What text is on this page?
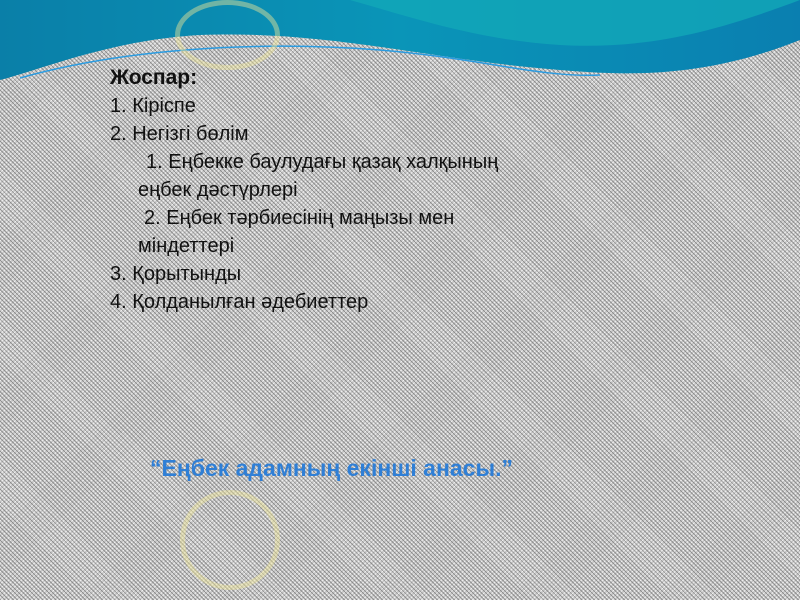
Жоспар:
1. Кіріспе
2. Негізгі бөлім
1. Еңбекке баулудағы қазақ халқының
еңбек дәстүрлері
2. Еңбек тәрбиесінің маңызы мен
міндеттері
3. Қорытынды
4. Қолданылған әдебиеттер
“Еңбек адамның екінші анасы.”
